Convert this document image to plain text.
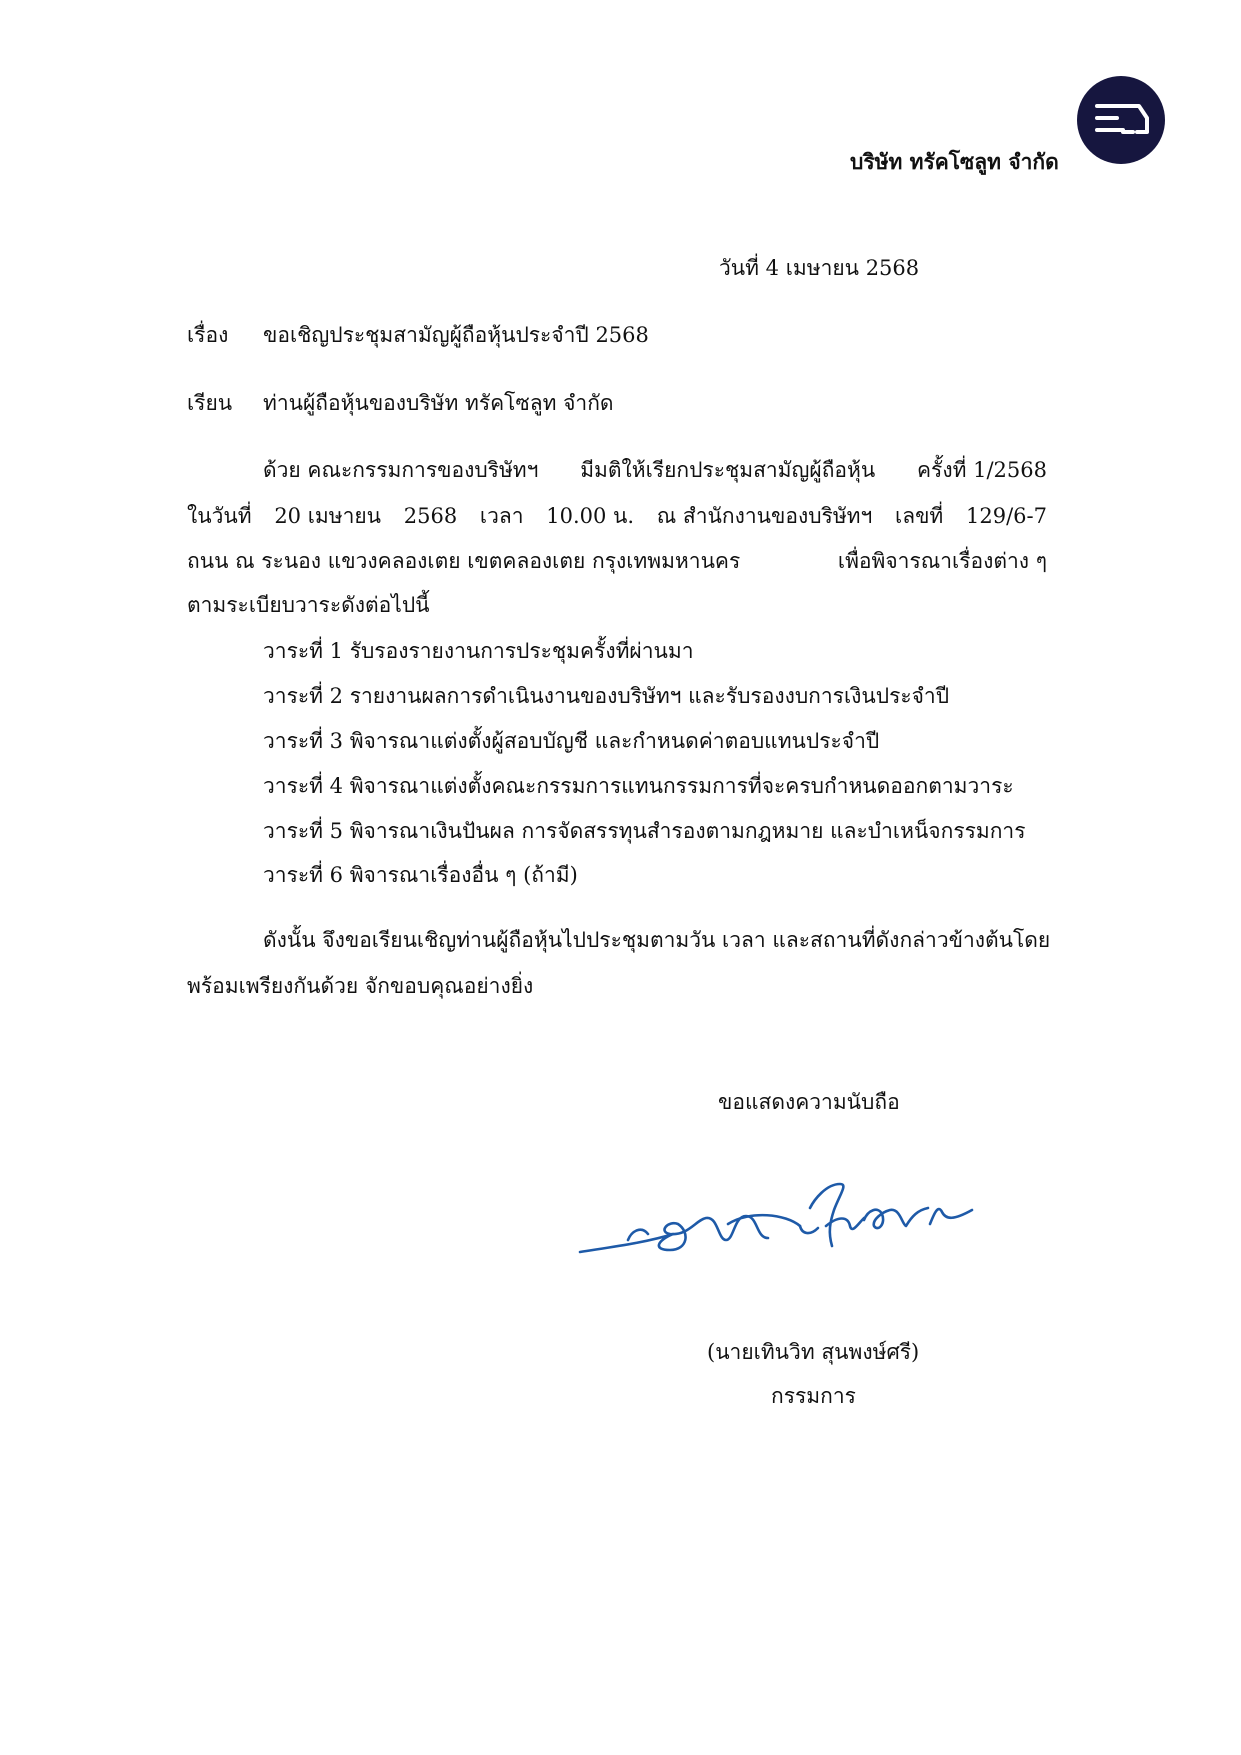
บริษัท ทรัคโซลูท จำกัด
วันที่ 4 เมษายน 2568
เรื่อง ขอเชิญประชุมสามัญผู้ถือหุ้นประจำปี 2568
เรียน ท่านผู้ถือหุ้นของบริษัท ทรัคโซลูท จำกัด
ด้วย คณะกรรมการของบริษัทฯ มีมติให้เรียกประชุมสามัญผู้ถือหุ้น ครั้งที่ 1/2568
ในวันที่ 20 เมษายน 2568 เวลา 10.00 น. ณ สำนักงานของบริษัทฯ เลขที่ 129/6-7
ถนน ณ ระนอง แขวงคลองเตย เขตคลองเตย กรุงเทพมหานคร	เพื่อพิจารณาเรื่องต่าง ๆ
ตามระเบียบวาระดังต่อไปนี้
วาระที่ 1 รับรองรายงานการประชุมครั้งที่ผ่านมา
วาระที่ 2 รายงานผลการดำเนินงานของบริษัทฯ และรับรองงบการเงินประจำปี
วาระที่ 3 พิจารณาแต่งตั้งผู้สอบบัญชี และกำหนดค่าตอบแทนประจำปี
วาระที่ 4 พิจารณาแต่งตั้งคณะกรรมการแทนกรรมการที่จะครบกำหนดออกตามวาระ
วาระที่ 5 พิจารณาเงินปันผล การจัดสรรทุนสำรองตามกฎหมาย และบำเหน็จกรรมการ
วาระที่ 6 พิจารณาเรื่องอื่น ๆ (ถ้ามี)
ดังนั้น จึงขอเรียนเชิญท่านผู้ถือหุ้นไปประชุมตามวัน เวลา และสถานที่ดังกล่าวข้างต้นโดย
พร้อมเพรียงกันด้วย จักขอบคุณอย่างยิ่ง
ขอแสดงความนับถือ
(นายเทินวิท สุนพงษ์ศรี)
กรรมการ
